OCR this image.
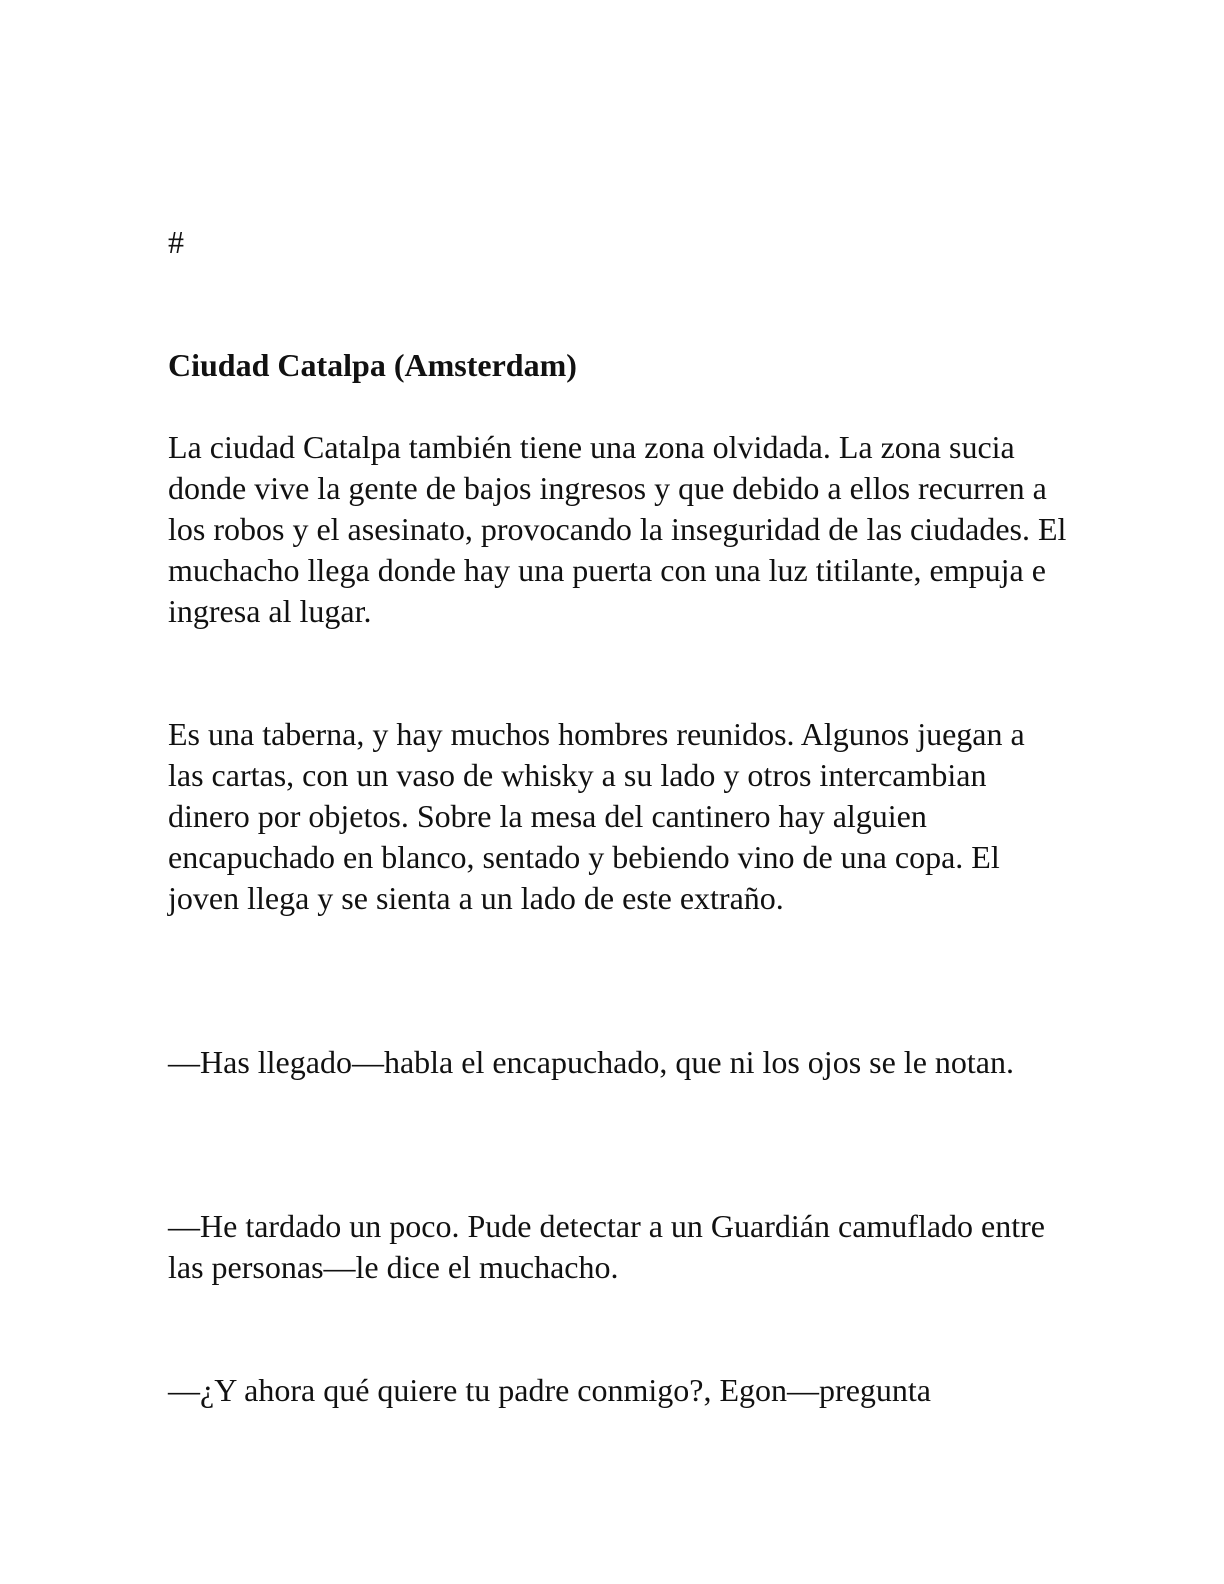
#

Ciudad Catalpa (Amsterdam)

La ciudad Catalpa también tiene una zona olvidada. La zona sucia donde vive la gente de bajos ingresos y que debido a ellos recurren a los robos y el asesinato, provocando la inseguridad de las ciudades. El muchacho llega donde hay una puerta con una luz titilante, empuja e ingresa al lugar.

Es una taberna, y hay muchos hombres reunidos. Algunos juegan a las cartas, con un vaso de whisky a su lado y otros intercambian dinero por objetos. Sobre la mesa del cantinero hay alguien encapuchado en blanco, sentado y bebiendo vino de una copa. El joven llega y se sienta a un lado de este extraño.

—Has llegado—habla el encapuchado, que ni los ojos se le notan.

—He tardado un poco. Pude detectar a un Guardián camuflado entre las personas—le dice el muchacho.

—¿Y ahora qué quiere tu padre conmigo?, Egon—pregunta
